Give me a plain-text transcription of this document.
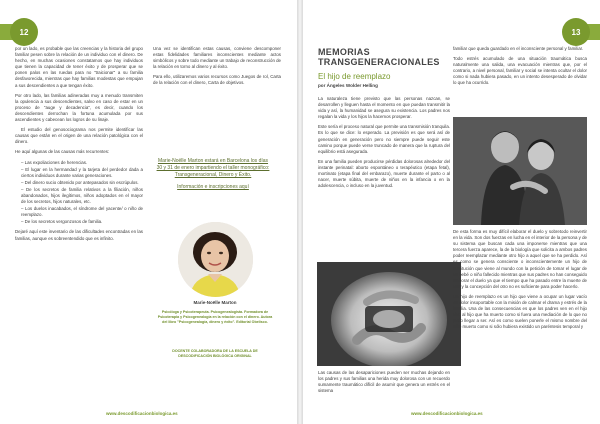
12

por un lado, es probable que las creencias y la historia del grupo familiar pesen sobre la relación de un individuo con el dinero. De hecho, en muchas ocasiones constatamos que hay individuos que tienen la capacidad de tener éxito y de prosperar que se ponen palos en las ruedas para no "traicionar" a su familia desfavorecida, mientras que hay familias modestas que empujan a sus descendientes a que tengan éxito.

Por otro lado, las familias adineradas muy a menudo transmiten la opulencia a sus descendientes, salvo en caso de estar en un proceso de "auge y decadencia", es decir, cuando los descendientes derrochan la fortuna acumulada por sus ascendientes y cabecean los logros de su linaje.

El estudio del genosociograma nos permite identificar las causas que están en el origen de una relación patológica con el dinero.

He aquí algunas de las causas más recurrentes:

– Las expoliaciones de herencias.
– El lugar en la hermandad y la tarjeta del perdedor dada a ciertos individuos durante varias generaciones.
– Del dinero sucio obtenido por antepasados sin escrúpulos.
– De los secretos de familia relativos a la filiación, niños abandonados, hijos ilegítimos, niños adoptados en el mayor de los secretos, hijos naturales, etc.
– Los duelos inacabados, el síndrome del yacente/ o niño de reemplazo.
– De los secretos vergonzosos de familia.

Dejaré aquí este inventario de las dificultades encontradas en las familias, aunque es sobreentendido que es infinito.

Una vez se identifican estas causas, conviene descomponer estas fidelidades familiares inconscientes mediante actos simbólicos y sobre todo mediante un trabajo de reconstrucción de la relación en torno al dinero y al éxito.

Para ello, utilizaremos varios recursos como Juegos de rol, Carta de la relación con el dinero, Carta de objetivos.

Marie-Noëlle Marton estará en Barcelona los días 30 y 31 de enero impartiendo el taller monográfico:
Transgeneracional, Dinero y Éxito.
Información e inscripciones aquí
Marie-Noëlle Marton
Psicóloga y Psicoterapeuta. Psicogenealogista. Formadora de Psicoterapia y Psicogenealogía en la relación con el dinero. Autora del libro "Psicogenealogía, dinero y éxito". Editorial Obelisco.
DOCENTE COLABORADORA DE LA ESCUELA DE DESCODIFICACIÓN BIOLÓGICA ORIGINAL
www.descodificacionbiologica.es
13
MEMORIAS
TRANSGENERACIONALES
El hijo de reemplazo
por Ángeles Wolder Helling

La naturaleza tiene previsto que las personas nazcan, se desarrollen y lleguen hasta el momento en que puedan transmitir la vida y así, la humanidad se asegura su existencia. Los padres nos regalan la vida y los hijos la hacemos prosperar.

Este sería el proceso natural que permite una transmisión tranquila. Es lo que se dice: lo esperado. La previsión es que será así de generación en generación pero no siempre puede seguir este camino porque puede verse truncado de manera que la ruptura del equilibrio está asegurada.

En una familia pueden producirse pérdidas dolorosas alrededor del instante perinatal: aborto espontáneo o terapéutico (etapa fetal), mortinato (etapa final del embarazo), muerte durante el parto o al nacer, muerte súbita, muerte de niños en la infancia o en la adolescencia, o incluso en la juventud.

Las causas de las desapariciones pueden ser muchas dejando en los padres y sus familias una herida muy dolorosa con un recuerdo sumamente traumático difícil de asumir que genera un estrés en el sistema

familiar que queda guardado en el inconsciente personal y familiar.

Todo estrés acumulado de una situación traumática busca naturalmente una salida, una evacuación mientras que, por el contrario, a nivel personal, familiar y social se intenta ocultar el dolor como si nada hubiera pasado, en un intento desesperado de olvidar lo que ha ocurrido.

De esta forma es muy difícil elaborar el duelo y sobretodo reinvertir en la vida. Son dos fuerzas en lucha en el interior de la persona y de su sistema que buscan cada una imponerse mientras que una tercera fuerza aparece, la de la biología que solicita a ambos padres poder reemplazar mediante otro hijo a aquel que se ha perdido. Así es como se genera consciente o inconscientemente un hijo de sustitución que viene al mundo con la petición de tomar el lugar de un bebé o niño fallecido mientras que sus padres no han conseguido elaborar el duelo ya que el tiempo que ha pasado entre la muerte de uno y la concepción del otro no es suficiente para poder hacerlo.

Un hijo de reemplazo es un hijo que viene a ocupar un lugar vacío de dolor insoportable con la misión de calmar el drama y estrés de la familia. Una de las consecuencias es que los padres ven en el hijo vivo al hijo que ha muerto como si fuera una mediación de lo que no pudo llegar a ser. Así es como suelen ponerle el mismo nombre del niño muerto como si sólo hubiera existido un paréntesis temporal y

www.descodificacionbiologica.es
